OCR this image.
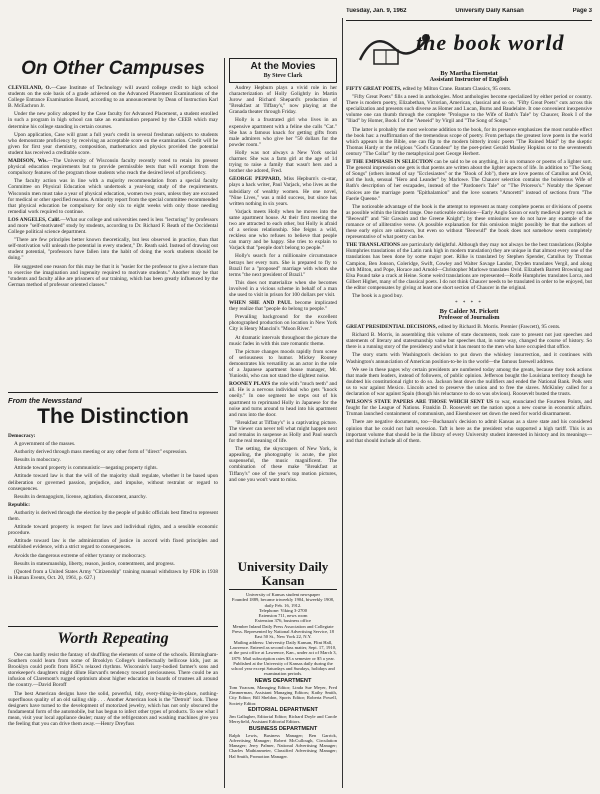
On Other Campuses

CLEVELAND, O.—Case Institute of Technology will award college credit to high school students on the sole basis of a grade achieved on the Advanced Placement Examinations of the College Entrance Examination Board, according to an announcement by Dean of Instruction Karl B. McEachron Jr.

Under the new policy adopted by the Case faculty for Advanced Placement, a student enrolled in such a program in high school can take an examination prepared by the CEEB which may determine his college standing in certain courses.

Upon application, Case will grant a full year's credit in several freshman subjects to students who demonstrate proficiency by receiving an acceptable score on the examination. Credit will be given for first year chemistry, composition, mathematics and physics provided the potential student has received a creditable score.

MADISON, Wis.—The University of Wisconsin faculty recently voted to retain its present physical education requirements but to provide permissible tests that will exempt from the compulsory features of the program those students who reach the desired level of proficiency.

The faculty action was in line with a majority recommendation from a special faculty Committee on Physical Education which undertook a year-long study of the requirements. Wisconsin men must take a year of physical education, women two years, unless they are excused for medical or other specified reasons. A minority report from the special committee recommended that physical education be compulsory for only six to eight weeks with only those needing remedial work required to continue.

LOS ANGELES, Calif.—What our college and universities need is less "lecturing" by professors and more "self-motivated" study by students, according to Dr. Richard F. Reath of the Occidental College political science department.

"There are few principles better known theoretically, but less observed in practice, than that self-motivation will unleash the potential in every student," Dr. Reath said. Instead of drawing out student potential, "professors have fallen into the habit of doing the work students should be doing."

He suggested one reason for this may be that it is "easier for the professor to give a lecture than to exercise the imagination and ingenuity required to motivate students." Another may be that "students and faculty alike are prisoners of our training, which has been greatly influenced by the German method of professor oriented classes."

From the Newsstand
The Distinction

Democracy:

A government of the masses.

Authority derived through mass meeting or any other form of "direct" expression.

Results in mobocracy.

Attitude toward property is communistic—negating property rights.

Attitude toward law is that the will of the majority shall regulate, whether it be based upon deliberation or governed passion, prejudice, and impulse, without restraint or regard to consequences.

Results in demagogism, license, agitation, discontent, anarchy.

Republic:

Authority is derived through the election by the people of public officials best fitted to represent them.

Attitude toward property is respect for laws and individual rights, and a sensible economic procedure.

Attitude toward law is the administration of justice in accord with fixed principles and established evidence, with a strict regard to consequences.

Avoids the dangerous extreme of either tyranny or mobocracy.

Results in statesmanship, liberty, reason, justice, contentment, and progress.

(Quoted from a United States Army "Citizenship" training manual withdrawn by FDR in 1938 in Human Events, Oct. 20, 1961, p. 627.)

Worth Repeating

One can hardly resist the fantasy of shuffling the elements of some of the schools. Birmingham-Southern could learn from some of Brooklyn College's intellectually bellicose kids, just as Brooklyn could profit from BSC's relaxed rhythms. Wisconsin's lusty-bodied farmer's sons and storekeeper's daughters might dilute Harvard's tendency toward preciousness. There could be an infusion of Claremont's rugged optimism about higher education in boards of trustees all around the country.—David Boroff

The best American designs have the solid, powerful, tidy, every-thing-in-its-place, nothing-superfluous quality of an old sailing ship . . . Another American look is the "Detroit" look. These designers have turned to the development of motorized jewelry, which has not only obscured the fundamental form of the automobile, but has begun to infect other types of products. To see what I mean, visit your local appliance dealer; many of the refrigerators and washing machines give you the feeling that you can drive them away.—Henry Dreyfuss

At the Movies

By Steve Clark

Audrey Hepburn plays a vivid role in her characterization of Holly Golightly in Martin Jurow and Richard Shepard's production of "Breakfast at Tiffany's," now playing at the Granada theater through Friday.

Holly is a frustrated girl who lives in an expensive apartment with a feline she calls "Cat." She has a famous knack for getting gifts from male admirers who give her "50 dollars for the powder room."

Holly was not always a New York social charmer. She was a farm girl at the age of 14 trying to raise a family that wasn't hers and a brother she adored, Fred.

GEORGE PEPPARD, Miss Hepburn's co-star, plays a hack writer, Paul Varjack, who lives as the subsidiary of wealthy women. He one novel, "Nine Lives," was a mild success, but since has written nothing in six years.

Varjack meets Holly when he moves into the same apartment house. At their first meeting the two are attracted to each other, but Holly is afraid of a serious relationship. She feigns a wild, reckless one who refuses to believe that people can marry and be happy. She tries to explain to Varjack that "people don't belong to people."

Holly's search for a millionaire circumstance betrays her every turn. She is prepared to fly to Brazil for a "proposed" marriage with whom she terms "the next president of Brazil."

This does not materialize when she becomes involved in a vicious scheme in behalf of a man she used to visit in prison for 100 dollars per visit.

WHEN SHE AND PAUL become implicated they realize that "people do belong to people."

Prevailing background for the excellent photographed production on location in New York City is Henry Mancini's "Moon River."

At dramatic intervals throughout the picture the music fades in with this rare romantic theme.

The picture changes moods rapidly from scene of seriousness to humor. Mickey Rooney demonstrates his versatility as an actor in the role of a Japanese apartment house manager, Mr. Yunioshi, who can not stand the slightest noise.

ROONEY PLAYS the role with "much teeth" and all. He is a nervous individual who gets "knock oneily." In one segment he steps out of his apartment to reprimand Holly in Japanese for the noise and turns around to head into his apartment and runs into the door.

"Breakfast at Tiffany's" is a captivating picture. The viewer can never tell what might happen next and remains in suspense as Holly and Paul search for the real meaning of life.

The setting, the skyscrapers of New York, is appealing, the photography is acute, the plot suspenseful, the music magnificent. The combination of these make "Breakfast at Tiffany's" one of the year's top motion pictures, and one you won't want to miss.

University Daily Kansan

University of Kansas student newspaper

Founded 1889, became triweekly 1904, biweekly 1908, daily Feb. 16, 1912.

Telephone: Viking 3-2700

Extension 711, news room

Extension 376, business office

Member Inland Daily Press Association and Collegiate Press. Represented by National Advertising Service, 18 East 50 St., New York 22, N.Y.

Mailing address: University Daily Kansan, Flint Hall, Lawrence. Entered as second class matter, Sept. 17, 1910, at the post office at Lawrence, Kan., under act of March 3, 1879. Mail subscription rates $3 a semester or $5 a year. Published at the University of Kansas daily during the school year except Saturdays and Sundays, holidays and examination periods.

NEWS DEPARTMENT

Tom Yoacum, Managing Editor; Linda Sue Meyer, Fred Zimmerman, Assistant Managing Editors; Kathy Smith, City Editor; Bill Sheldon, Sports Editor; Roberta Powell, Society Editor.

EDITORIAL DEPARTMENT

Jim Gallagher, Editorial Editor; Richard Doyle and Carole Merryfield, Assistant Editorial Editors.

BUSINESS DEPARTMENT

Ralph Lewis, Business Manager; Ben Garrick, Advertising Manager; Robert McCullough, Circulation Manager; Jerry Palmer, National Advertising Manager; Charles Mathiasmeier, Classified Advertising Manager; Hal Smith, Promotion Manager.

Tuesday, Jan. 9, 1962	University Daily Kansan	Page 3
the book world

By Martha Eisenstat

Assistant Instructor of English

FIFTY GREAT POETS, edited by Milton Crane. Bantam Classics, 95 cents.

"Fifty Great Poets" fills a need in anthologies. Most anthologies become specialized by either period or country. There is modern poetry, Elizabethan, Victorian, American, classical and so on. "Fifty Great Poets" cuts across this specialization and presents such diverse as Homer and Lucan, Burns and Baudelaire. It one convenient inexpensive volume one can thumb through the complete "Prologue to the Wife of Bath's Tale" by Chaucer, Book I of the "Iliad" by Homer, Book I of the "Aeneid" by Virgil and "The Song of Songs."

The latter is probably the most welcome addition to the book, for its presence emphasizes the most notable effect the book has: a reaffirmation of the tremendous scope of poetry. From perhaps the greatest love poem in the world which appears in the Bible, one can flip to the modern bitterly ironic poem "The Ruined Maid" by the skeptic Thomas Hardy or the religious "God's Grandeur" by the poet-priest Gerald Manley Hopkins or to the seventeenth century "The Collar" by the metaphysical poet George Herbert.

IF THE EMPHASIS IN SELECTION can be said to be on anything, it is on romance or poems of a lighter sort. The general impression one gets is that poems are written about the lighter aspects of life. In addition to "The Song of Songs" (others instead of say "Ecclesiastes" or the "Book of Job"), there are love poems of Catullus and Ovid, and the lush, sensual "Hero and Leander" by Marlowe. The Chaucer selection contains the boisterous Wife of Bath's description of her escapades, instead of the "Pardoner's Tale" or "The Prioress's." Notably the Spenser choices are the marriage poem "Epithalamion" and the love sonnets "Amoretti" instead of sections from "The Faerie Queene."

The noticeable advantage of the book is the attempt to represent as many complete poems or divisions of poems as possible within the limited range. One noticeable omission—Early Anglo Saxon or early medieval poetry such as "Beowulf" and "Sir Gawain and the Greene Knight"; by these omissions we do not have any example of the romance or of alliterative verse. (A possible explanation for this omission might possibly be that the authors of these early epics are unknown, but even so without "Beowulf" the book does not somehow seem completely representative of what poetry can be.

THE TRANSLATIONS are particularly delightful. Although they may not always be the best translations (Rolphe Humphries translations of the Latin rank high in modern translation) they are unique in that almost every one of the translations has been done by some major poet. Rilke is translated by Stephen Spender, Catullus by Thomas Campion, Ben Jonson, Coleridge, Swift, Cowley and Walter Savage Landor, Dryden translates Vergil, and along with Milton, and Pope, Horace and Arnold—Christopher Marlowe translates Ovid. Elizabeth Barrett Browning and Elsa Pound take a crack at Heine. Some weird translations are represented—Rolfe Humphries translates Lorca, and Gilbert Highet, many of the classical poets. I do not think Chaucer needs to be translated in order to be enjoyed, but the editor compensates by giving at least one short section of Chaucer in the original.

The book is a good buy.

* * * *

By Calder M. Pickett

Professor of Journalism

GREAT PRESIDENTIAL DECISIONS, edited by Richard B. Morris. Premier (Fawcett), 95 cents.

Richard B. Morris, in assembling this volume of state documents, took care to present not just speeches and statements of literary and statesmanship value but speeches that, in some way, changed the course of history. So there is a running story of the presidency and what it has meant to the men who have occupied that office.

The story starts with Washington's decision to put down the whiskey insurrection, and it continues with Washington's annunciation of American position-to-be in the world—the famous farewell address.

We see in these pages why certain presidents are numbered today among the greats, because they took actions that made them leaders, instead of followers, of public opinion. Jefferson bought the Louisiana territory though he doubted his constitutional right to do so. Jackson beat down the nullifiers and ended the National Bank. Polk sent us to war against Mexico. Lincoln acted to preserve the union and to free the slaves. McKinley called for a declaration of war against Spain (though his reluctance to do so was obvious). Roosevelt busted the trusts.

WILSON'S STATE PAPERS ARE THOSE WHICH SENT US to war, enunciated the Fourteen Points, and fought for the League of Nations. Franklin D. Roosevelt set the nation upon a new course in economic affairs. Truman launched containment of communism, and Eisenhower set down the need for world disarmament.

There are negative documents, too—Buchanan's decision to admit Kansas as a slave state and his considered opinion that he could not halt secession. Taft is here as the president who supported a high tariff. This is an important volume that should be in the library of every University student interested in history and its meanings—and that should include all of them.
